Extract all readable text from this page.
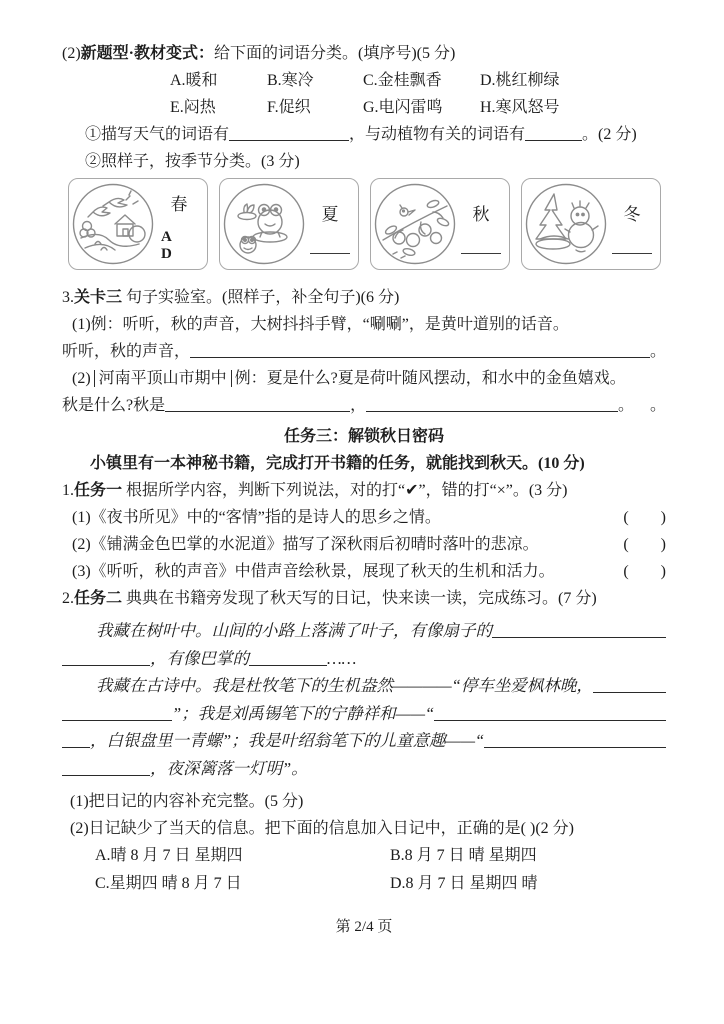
(2)新题型·教材变式：给下面的词语分类。(填序号)(5 分)
A.暖和	B.寒冷	C.金桂飘香	D.桃红柳绿
E.闷热	F.促织	G.电闪雷鸣	H.寒风怒号
①描写天气的词语有	，与动植物有关的词语有	。(2 分)
②照样子，按季节分类。(3 分)
春
A D
夏	秋	冬
3.关卡三 句子实验室。(照样子，补全句子)(6 分)
(1)例：听听，秋的声音，大树抖抖手臂，“唰唰”，是黄叶道别的话音。
听听，秋的声音，	。
(2) 河南平顶山市期中 例：夏是什么?夏是荷叶随风摆动，和水中的金鱼嬉戏。
秋是什么?秋是	，	。 。
任务三：解锁秋日密码
小镇里有一本神秘书籍，完成打开书籍的任务，就能找到秋天。(10 分)
1.任务一 根据所学内容，判断下列说法，对的打“✔”，错的打“×”。(3 分)
(1)《夜书所见》中的“客情”指的是诗人的思乡之情。	(　　)
(2)《铺满金色巴掌的水泥道》描写了深秋雨后初晴时落叶的悲凉。	(　　)
(3)《听听，秋的声音》中借声音绘秋景，展现了秋天的生机和活力。	(　　)
2.任务二 典典在书籍旁发现了秋天写的日记，快来读一读，完成练习。(7 分)
我藏在树叶中。山间的小路上落满了叶子，有像扇子的
，有像巴掌的	……
我藏在古诗中。我是杜牧笔下的生机盎然————“停车坐爱枫林晚，
”；我是刘禹锡笔下的宁静祥和——“
，白银盘里一青螺”；我是叶绍翁笔下的儿童意趣——“
，夜深篱落一灯明”。
(1)把日记的内容补充完整。(5 分)
(2)日记缺少了当天的信息。把下面的信息加入日记中，正确的是( )(2 分)
A.晴 8 月 7 日 星期四	B.8 月 7 日 晴 星期四
C.星期四 晴 8 月 7 日	D.8 月 7 日 星期四 晴
第 2/4 页
